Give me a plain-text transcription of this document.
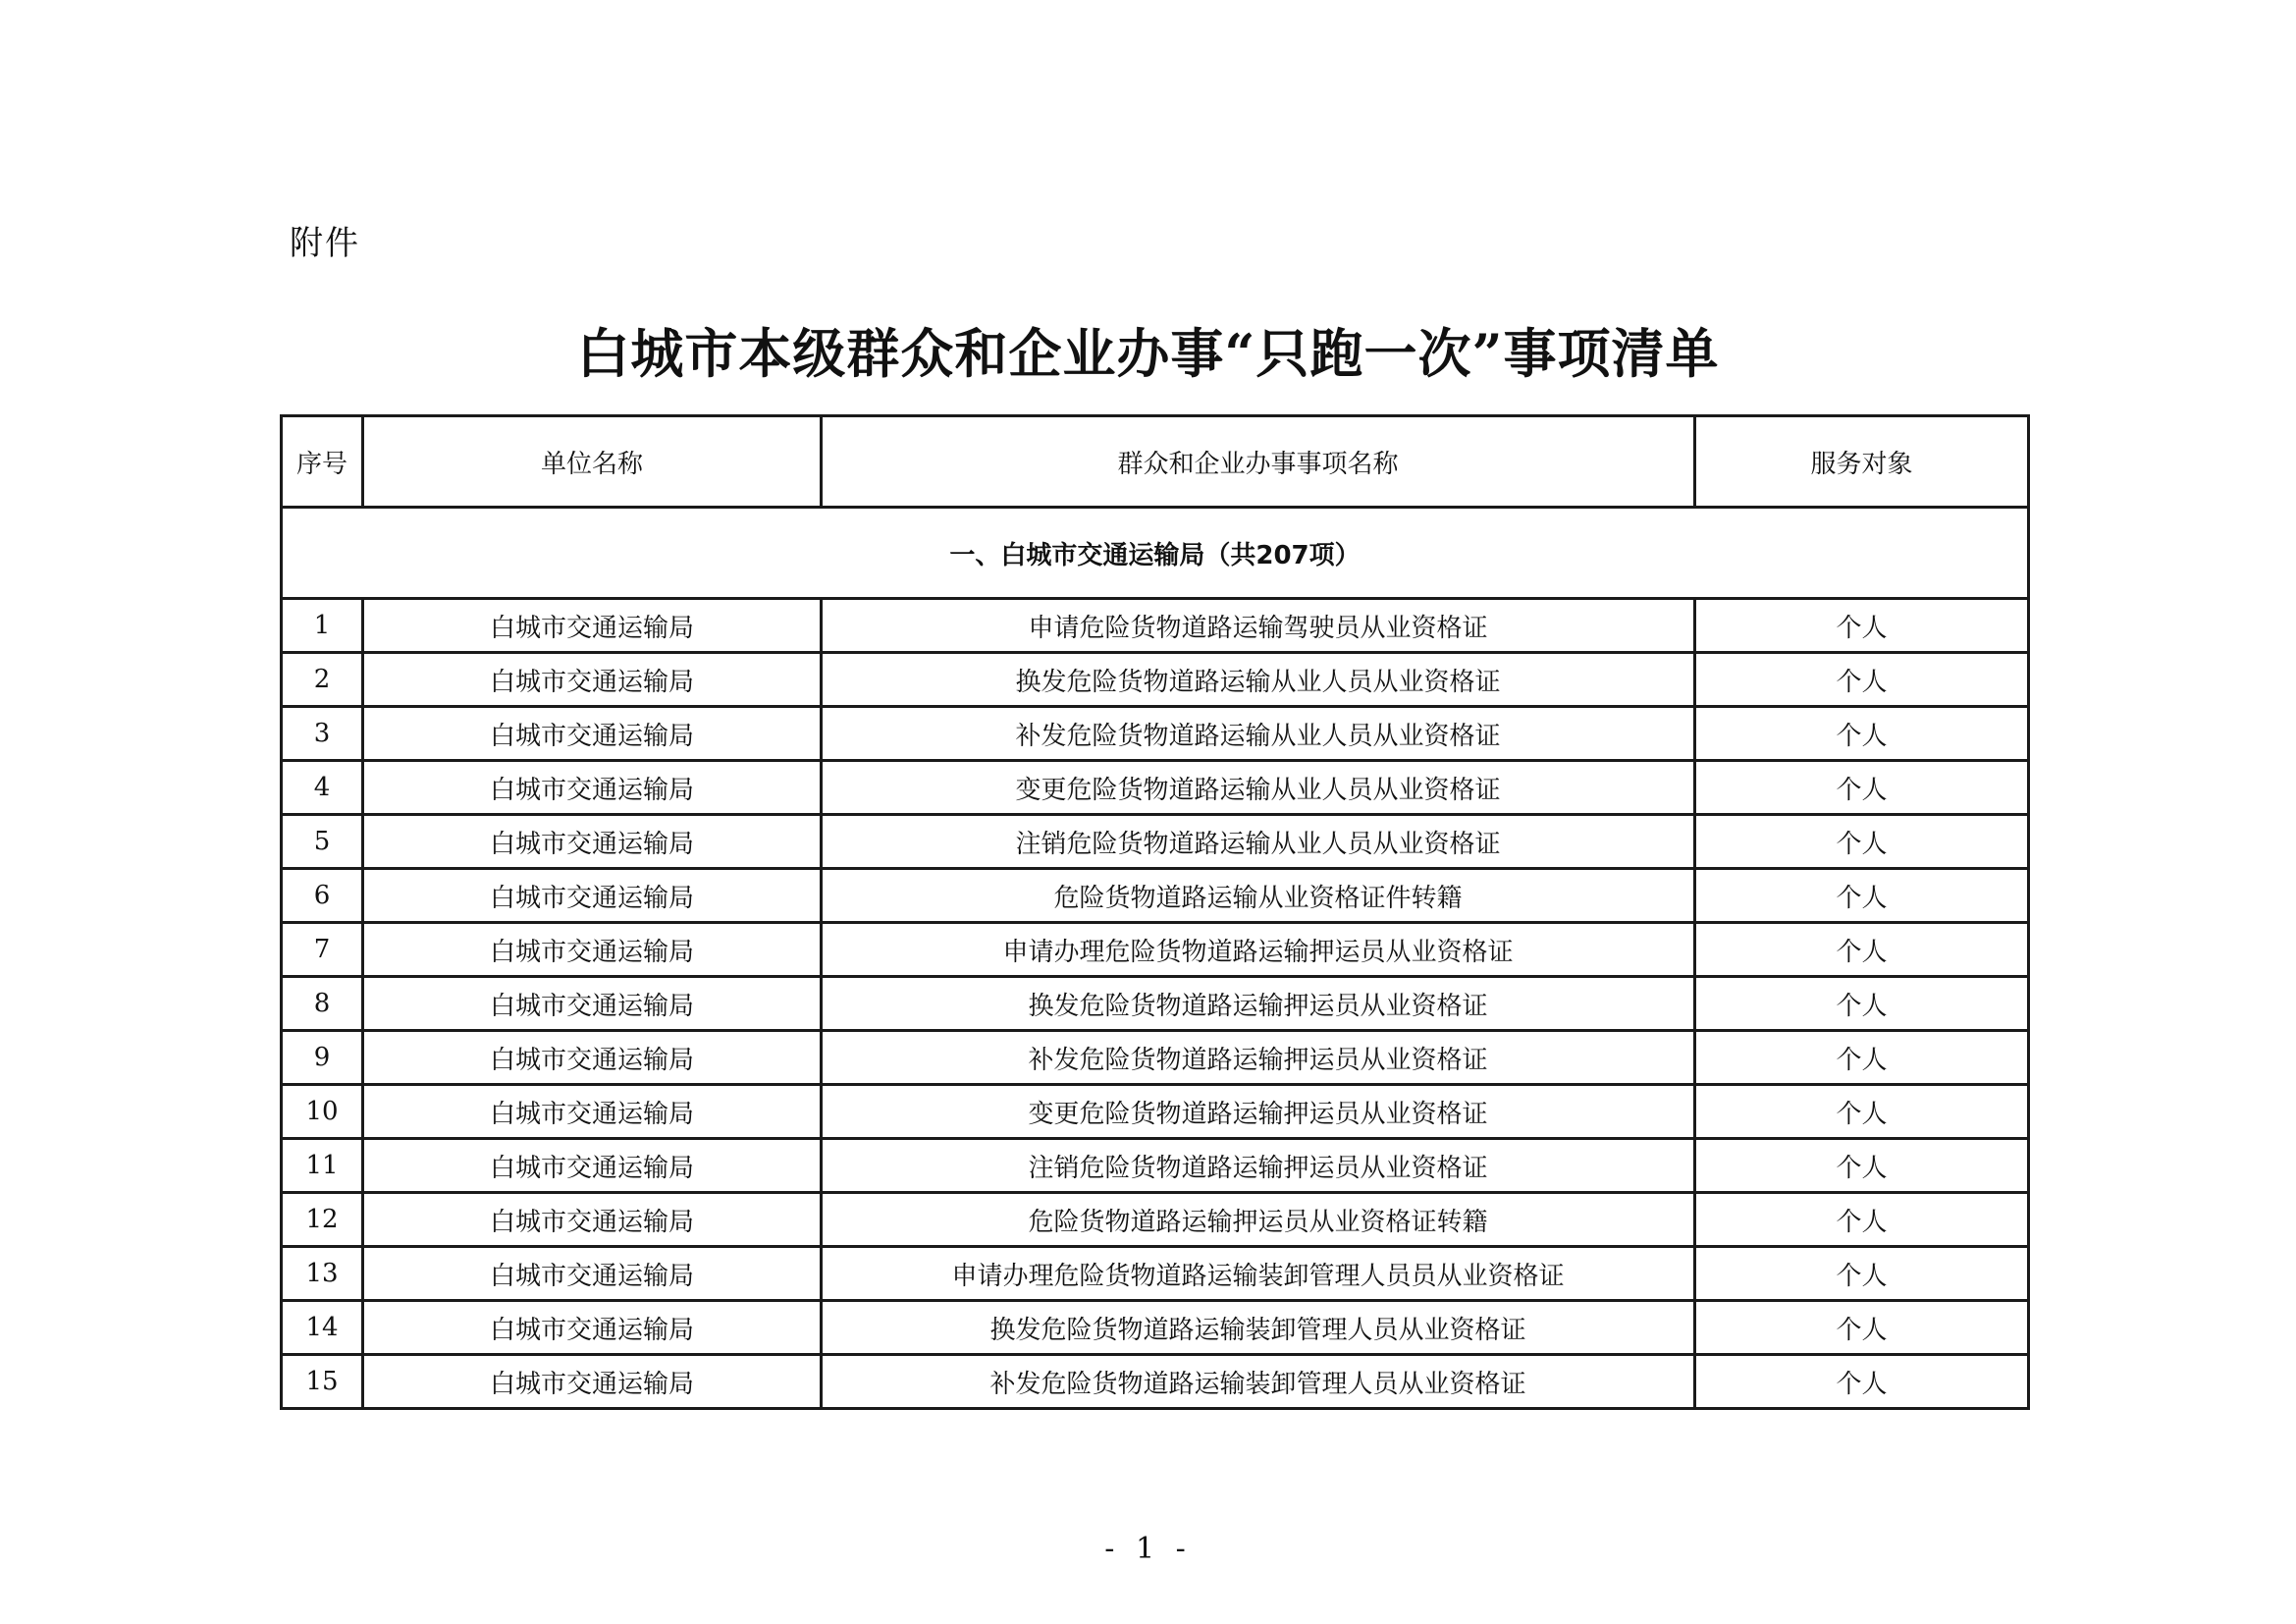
附件
白城市本级群众和企业办事“只跑一次”事项清单
序号	单位名称	群众和企业办事事项名称	服务对象
一、白城市交通运输局（共207项）			
1	白城市交通运输局	申请危险货物道路运输驾驶员从业资格证	个人
2	白城市交通运输局	换发危险货物道路运输从业人员从业资格证	个人
3	白城市交通运输局	补发危险货物道路运输从业人员从业资格证	个人
4	白城市交通运输局	变更危险货物道路运输从业人员从业资格证	个人
5	白城市交通运输局	注销危险货物道路运输从业人员从业资格证	个人
6	白城市交通运输局	危险货物道路运输从业资格证件转籍	个人
7	白城市交通运输局	申请办理危险货物道路运输押运员从业资格证	个人
8	白城市交通运输局	换发危险货物道路运输押运员从业资格证	个人
9	白城市交通运输局	补发危险货物道路运输押运员从业资格证	个人
10	白城市交通运输局	变更危险货物道路运输押运员从业资格证	个人
11	白城市交通运输局	注销危险货物道路运输押运员从业资格证	个人
12	白城市交通运输局	危险货物道路运输押运员从业资格证转籍	个人
13	白城市交通运输局	申请办理危险货物道路运输装卸管理人员员从业资格证	个人
14	白城市交通运输局	换发危险货物道路运输装卸管理人员从业资格证	个人
15	白城市交通运输局	补发危险货物道路运输装卸管理人员从业资格证	个人
- 1 -
